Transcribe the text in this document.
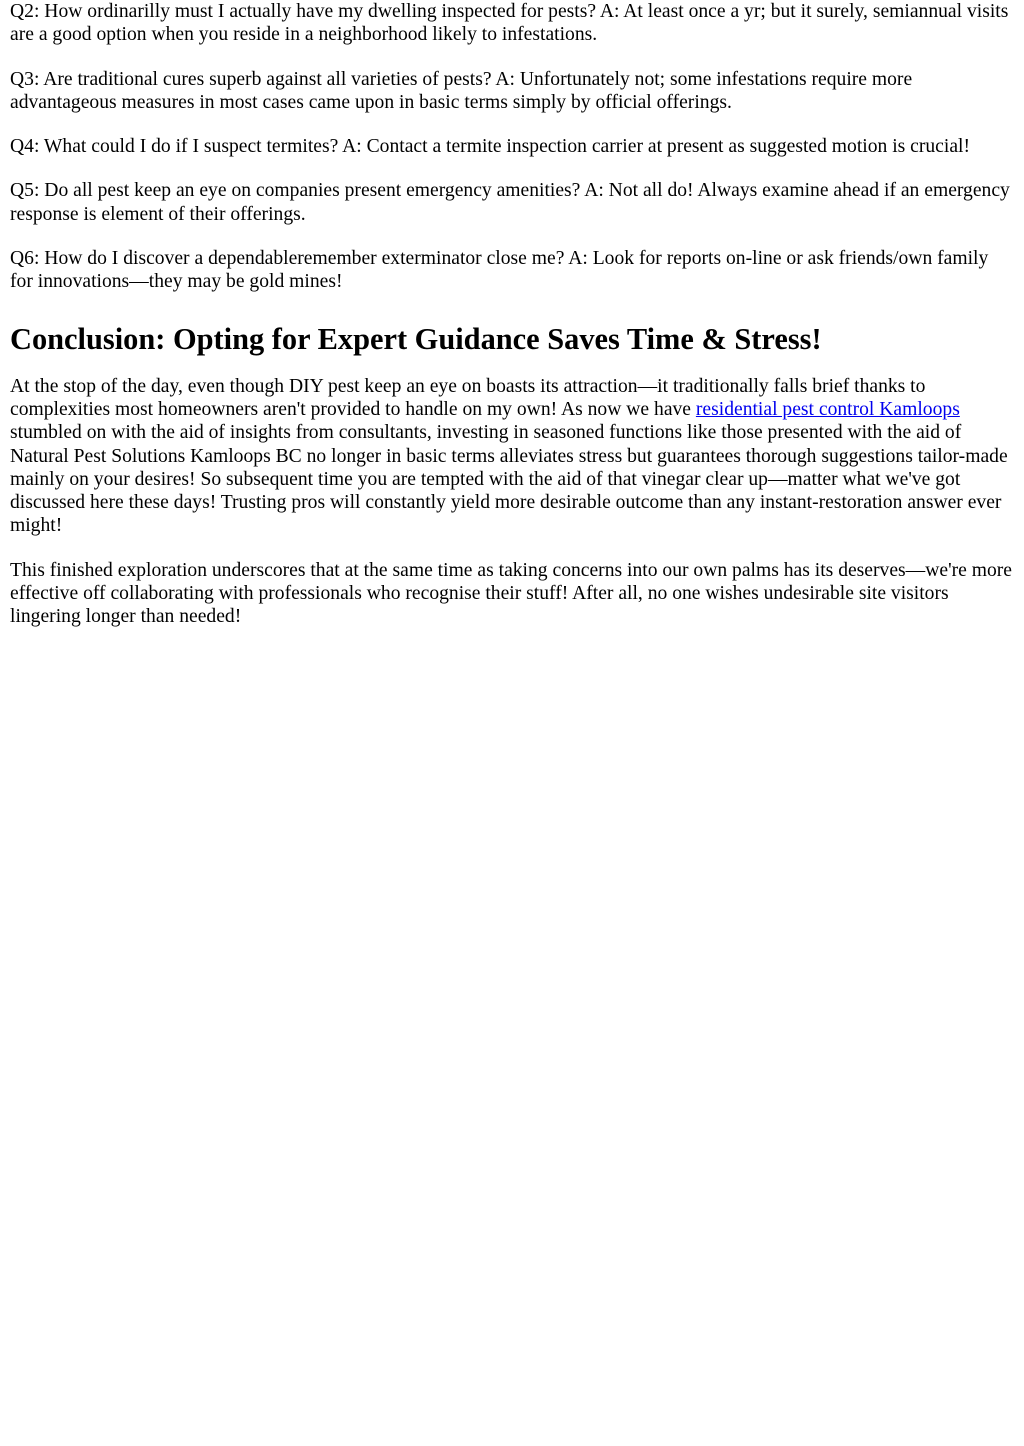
Q2: How ordinarilly must I actually have my dwelling inspected for pests? A: At least once a yr; but it surely, semiannual visits are a good option when you reside in a neighborhood likely to infestations.

Q3: Are traditional cures superb against all varieties of pests? A: Unfortunately not; some infestations require more advantageous measures in most cases came upon in basic terms simply by official offerings.

Q4: What could I do if I suspect termites? A: Contact a termite inspection carrier at present as suggested motion is crucial!

Q5: Do all pest keep an eye on companies present emergency amenities? A: Not all do! Always examine ahead if an emergency response is element of their offerings.

Q6: How do I discover a dependableremember exterminator close me? A: Look for reports on-line or ask friends/own family for innovations—they may be gold mines!

Conclusion: Opting for Expert Guidance Saves Time & Stress!

At the stop of the day, even though DIY pest keep an eye on boasts its attraction—it traditionally falls brief thanks to complexities most homeowners aren't provided to handle on my own! As now we have residential pest control Kamloops stumbled on with the aid of insights from consultants, investing in seasoned functions like those presented with the aid of Natural Pest Solutions Kamloops BC no longer in basic terms alleviates stress but guarantees thorough suggestions tailor-made mainly on your desires! So subsequent time you are tempted with the aid of that vinegar clear up—matter what we've got discussed here these days! Trusting pros will constantly yield more desirable outcome than any instant-restoration answer ever might!

This finished exploration underscores that at the same time as taking concerns into our own palms has its deserves—we're more effective off collaborating with professionals who recognise their stuff! After all, no one wishes undesirable site visitors lingering longer than needed!
